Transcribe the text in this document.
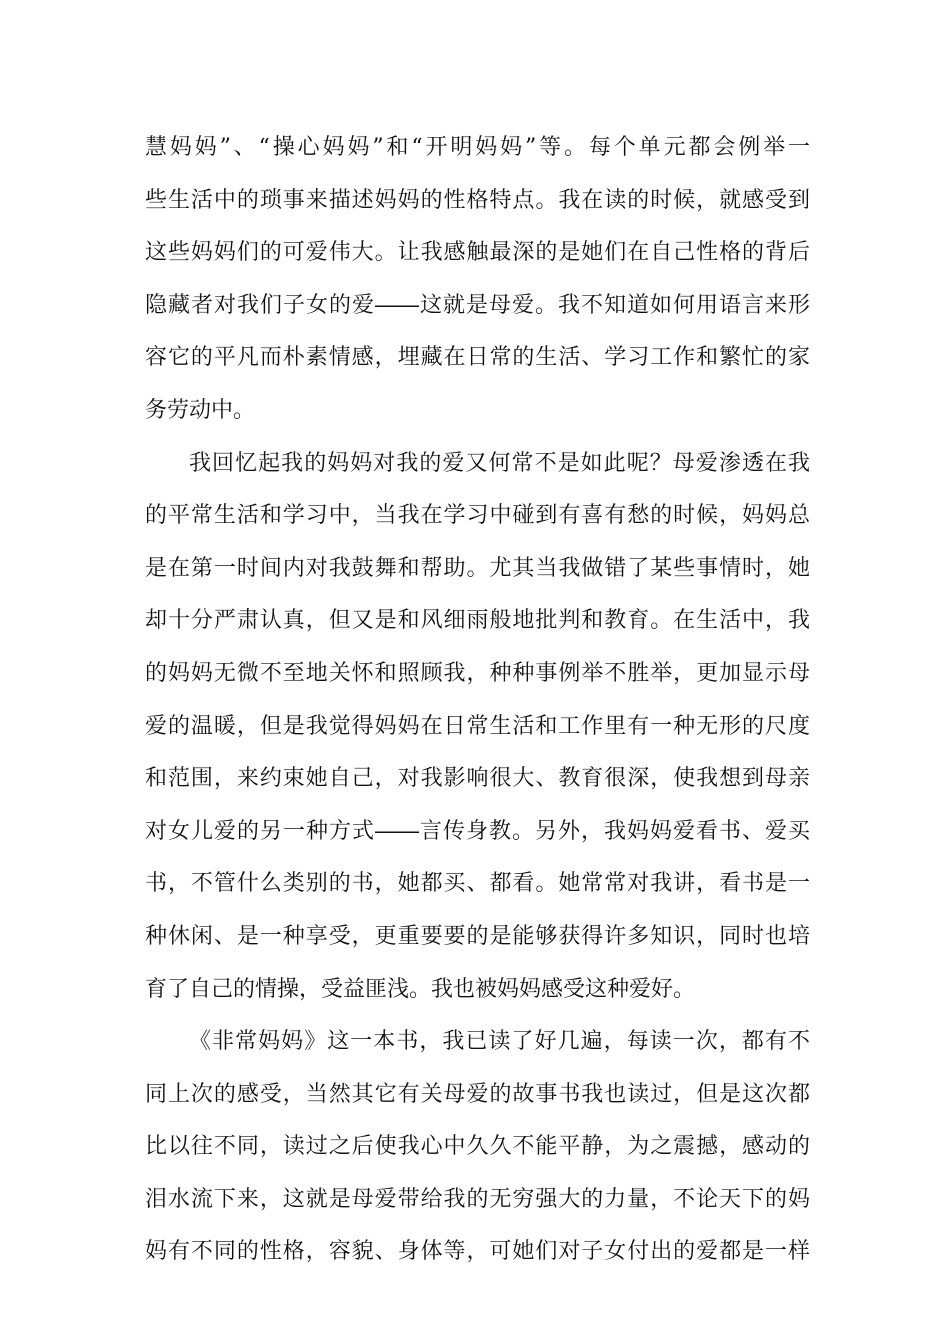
慧妈妈”、“操心妈妈”和“开明妈妈”等。每个单元都会例举一
些生活中的琐事来描述妈妈的性格特点。我在读的时候，就感受到
这些妈妈们的可爱伟大。让我感触最深的是她们在自己性格的背后
隐藏者对我们子女的爱――这就是母爱。我不知道如何用语言来形
容它的平凡而朴素情感，埋藏在日常的生活、学习工作和繁忙的家
务劳动中。
我回忆起我的妈妈对我的爱又何常不是如此呢？母爱渗透在我
的平常生活和学习中，当我在学习中碰到有喜有愁的时候，妈妈总
是在第一时间内对我鼓舞和帮助。尤其当我做错了某些事情时，她
却十分严肃认真，但又是和风细雨般地批判和教育。在生活中，我
的妈妈无微不至地关怀和照顾我，种种事例举不胜举，更加显示母
爱的温暖，但是我觉得妈妈在日常生活和工作里有一种无形的尺度
和范围，来约束她自己，对我影响很大、教育很深，使我想到母亲
对女儿爱的另一种方式――言传身教。另外，我妈妈爱看书、爱买
书，不管什么类别的书，她都买、都看。她常常对我讲，看书是一
种休闲、是一种享受，更重要要的是能够获得许多知识，同时也培
育了自己的情操，受益匪浅。我也被妈妈感受这种爱好。
《非常妈妈》这一本书，我已读了好几遍，每读一次，都有不
同上次的感受，当然其它有关母爱的故事书我也读过，但是这次都
比以往不同，读过之后使我心中久久不能平静，为之震撼，感动的
泪水流下来，这就是母爱带给我的无穷强大的力量，不论天下的妈
妈有不同的性格，容貌、身体等，可她们对子女付出的爱都是一样
